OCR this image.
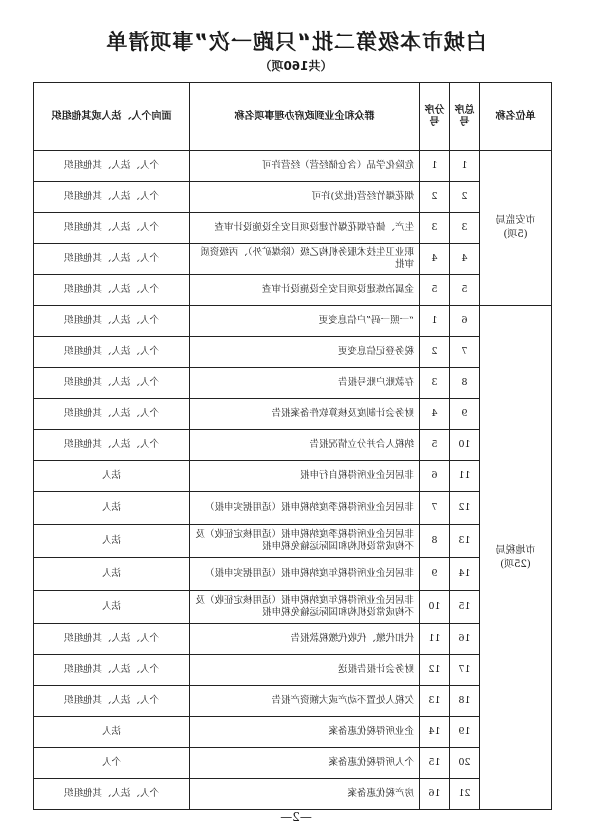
白城市本级第二批“只跑一次”事项清单
（共160项）
单位名称	总序号	分序号	群众和企业到政府办理事项名称	面向个人、法人或其他组织

市安监局
(5项)	1	1	危险化学品（含仓储经营）经营许可	个人、法人、其他组织
	2	2	烟花爆竹经营(批发)许可	个人、法人、其他组织
	3	3	生产、储存烟花爆竹建设项目安全设施设计审查	个人、法人、其他组织
	4	4	职业卫生技术服务机构乙级（除煤矿外）、丙级资质审批	个人、法人、其他组织
	5	5	金属冶炼建设项目安全设施设计审查	个人、法人、其他组织

市地税局
(25项)	6	1	“一照一码”户信息变更	个人、法人、其他组织
	7	2	税务登记信息变更	个人、法人、其他组织
	8	3	存款账户账号报告	个人、法人、其他组织
	9	4	财务会计制度及核算软件备案报告	个人、法人、其他组织
	10	5	纳税人合并分立情况报告	个人、法人、其他组织
	11	6	非居民企业所得税自行申报	法人
	12	7	非居民企业所得税季度纳税申报（适用据实申报）	法人
	13	8	非居民企业所得税季度纳税申报（适用核定征收）及不构成常设机构和国际运输免税申报	法人
	14	9	非居民企业所得税年度纳税申报（适用据实申报）	法人
	15	10	非居民企业所得税年度纳税申报（适用核定征收）及不构成常设机构和国际运输免税申报	法人
	16	11	代扣代缴、代收代缴税款报告	个人、法人、其他组织
	17	12	财务会计报告报送	个人、法人、其他组织
	18	13	欠税人处置不动产或大额资产报告	个人、法人、其他组织
	19	14	企业所得税优惠备案	法人
	20	15	个人所得税优惠备案	个人
	21	16	房产税优惠备案	个人、法人、其他组织
—2—
